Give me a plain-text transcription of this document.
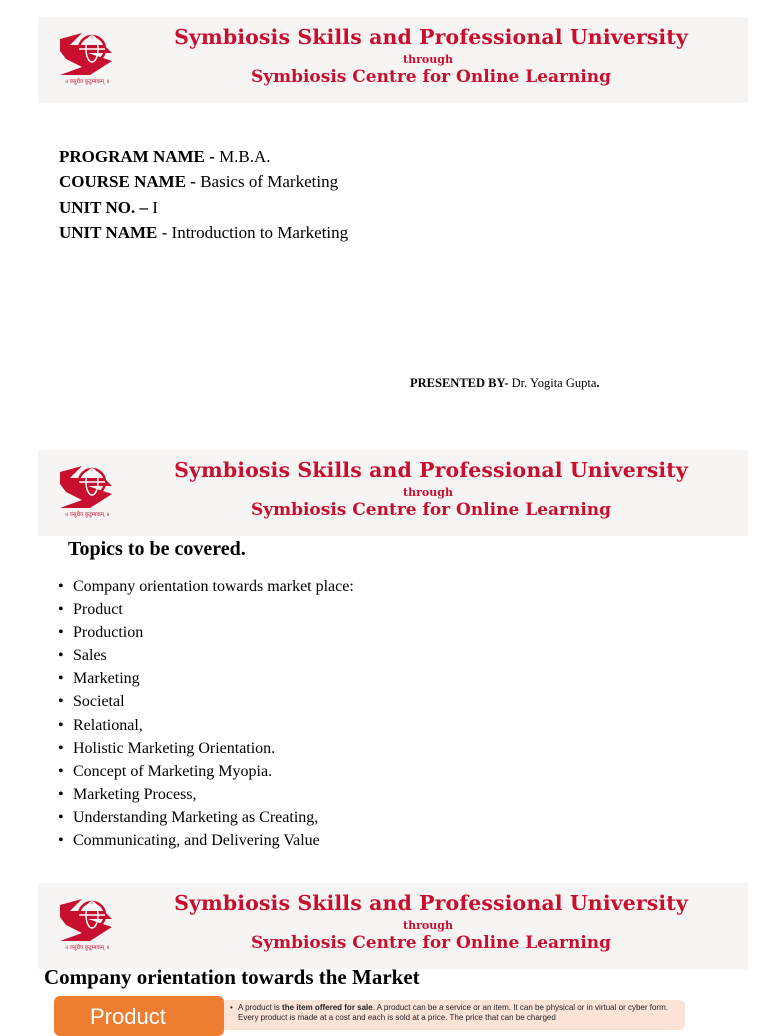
॥ वसुधैव कुटुम्बकम् ॥
Symbiosis Skills and Professional University
through
Symbiosis Centre for Online Learning
PROGRAM NAME - M.B.A.
COURSE NAME - Basics of Marketing
UNIT NO. – I
UNIT NAME - Introduction to Marketing
PRESENTED BY- Dr. Yogita Gupta.
॥ वसुधैव कुटुम्बकम् ॥
Symbiosis Skills and Professional University
through
Symbiosis Centre for Online Learning
Topics to be covered.
• Company orientation towards market place:
• Product
• Production
• Sales
• Marketing
• Societal
• Relational,
• Holistic Marketing Orientation.
• Concept of Marketing Myopia.
• Marketing Process,
• Understanding Marketing as Creating,
• Communicating, and Delivering Value
॥ वसुधैव कुटुम्बकम् ॥
Symbiosis Skills and Professional University
through
Symbiosis Centre for Online Learning
Company orientation towards the Market
Product

•	A product is the item offered for sale. A product can be a service or an item. It can be physical or in virtual or cyber form. Every product is made at a cost and each is sold at a price. The price that can be charged
